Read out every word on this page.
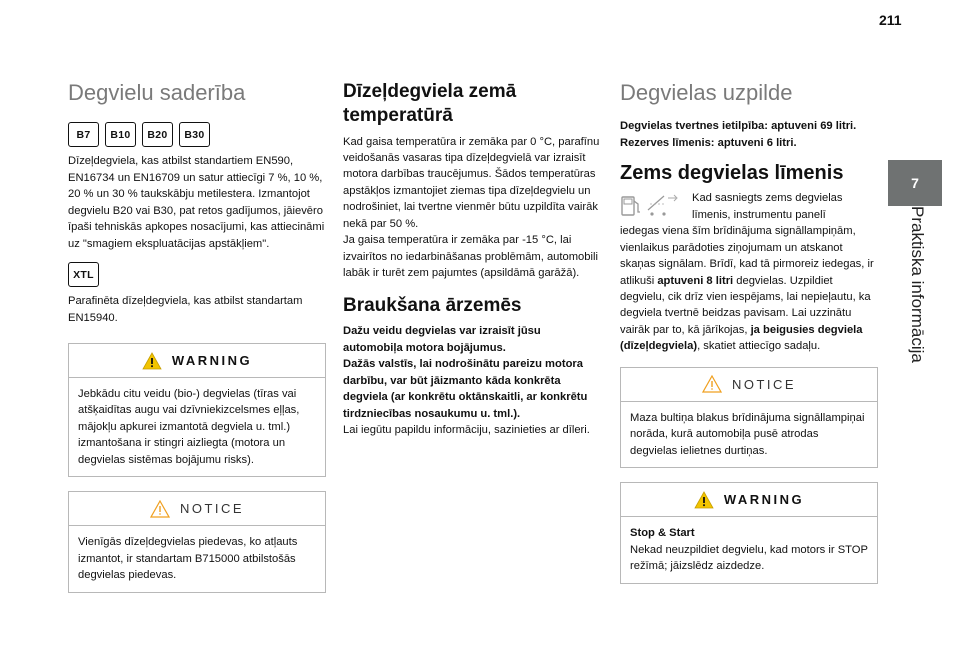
211
7
Praktiska informācija
Degvielu saderība
B7	B10	B20	B30

Dīzeļdegviela, kas atbilst standartiem EN590, EN16734 un EN16709 un satur attiecīgi 7 %, 10 %, 20 % un 30 % taukskābju metilestera. Izmantojot degvielu B20 vai B30, pat retos gadījumos, jāievēro īpaši tehniskās apkopes nosacījumi, kas attiecināmi uz "smagiem ekspluatācijas apstākļiem".

XTL

Parafinēta dīzeļdegviela, kas atbilst standartam EN15940.

WARNING

Jebkādu citu veidu (bio-) degvielas (tīras vai atšķaidītas augu vai dzīvniekizcelsmes eļļas, mājokļu apkurei izmantotā degviela u. tml.) izmantošana ir stingri aizliegta (motora un degvielas sistēmas bojājumu risks).

NOTICE

Vienīgās dīzeļdegvielas piedevas, ko atļauts izmantot, ir standartam B715000 atbilstošās degvielas piedevas.

Dīzeļdegviela zemā temperatūrā

Kad gaisa temperatūra ir zemāka par 0 °C, parafīnu veidošanās vasaras tipa dīzeļdegvielā var izraisīt motora darbības traucējumus. Šādos temperatūras apstākļos izmantojiet ziemas tipa dīzeļdegvielu un nodrošiniet, lai tvertne vienmēr būtu uzpildīta vairāk nekā par 50 %.

Ja gaisa temperatūra ir zemāka par -15 °C, lai izvairītos no iedarbināšanas problēmām, automobili labāk ir turēt zem pajumtes (apsildāmā garāžā).

Braukšana ārzemēs

Dažu veidu degvielas var izraisīt jūsu automobiļa motora bojājumus.

Dažās valstīs, lai nodrošinātu pareizu motora darbību, var būt jāizmanto kāda konkrēta degviela (ar konkrētu oktānskaitli, ar konkrētu tirdzniecības nosaukumu u. tml.).

Lai iegūtu papildu informāciju, sazinieties ar dīleri.

Degvielas uzpilde

Degvielas tvertnes ietilpība: aptuveni 69 litri. Rezerves līmenis: aptuveni 6 litri.

Zems degvielas līmenis

Kad sasniegts zems degvielas līmenis, instrumentu panelī

iedegas viena šīm brīdinājuma signāllampiņām, vienlaikus parādoties ziņojumam un atskanot skaņas signālam. Brīdī, kad tā pirmoreiz iedegas, ir atlikuši aptuveni 8 litri degvielas. Uzpildiet degvielu, cik drīz vien iespējams, lai nepieļautu, ka degviela tvertnē beidzas pavisam. Lai uzzinātu vairāk par to, kā jārīkojas, ja beigusies degviela (dīzeļdegviela), skatiet attiecīgo sadaļu.

NOTICE

Maza bultiņa blakus brīdinājuma signāllampiņai norāda, kurā automobiļa pusē atrodas degvielas ielietnes durtiņas.

WARNING

Stop & Start

Nekad neuzpildiet degvielu, kad motors ir STOP režīmā; jāizslēdz aizdedze.
